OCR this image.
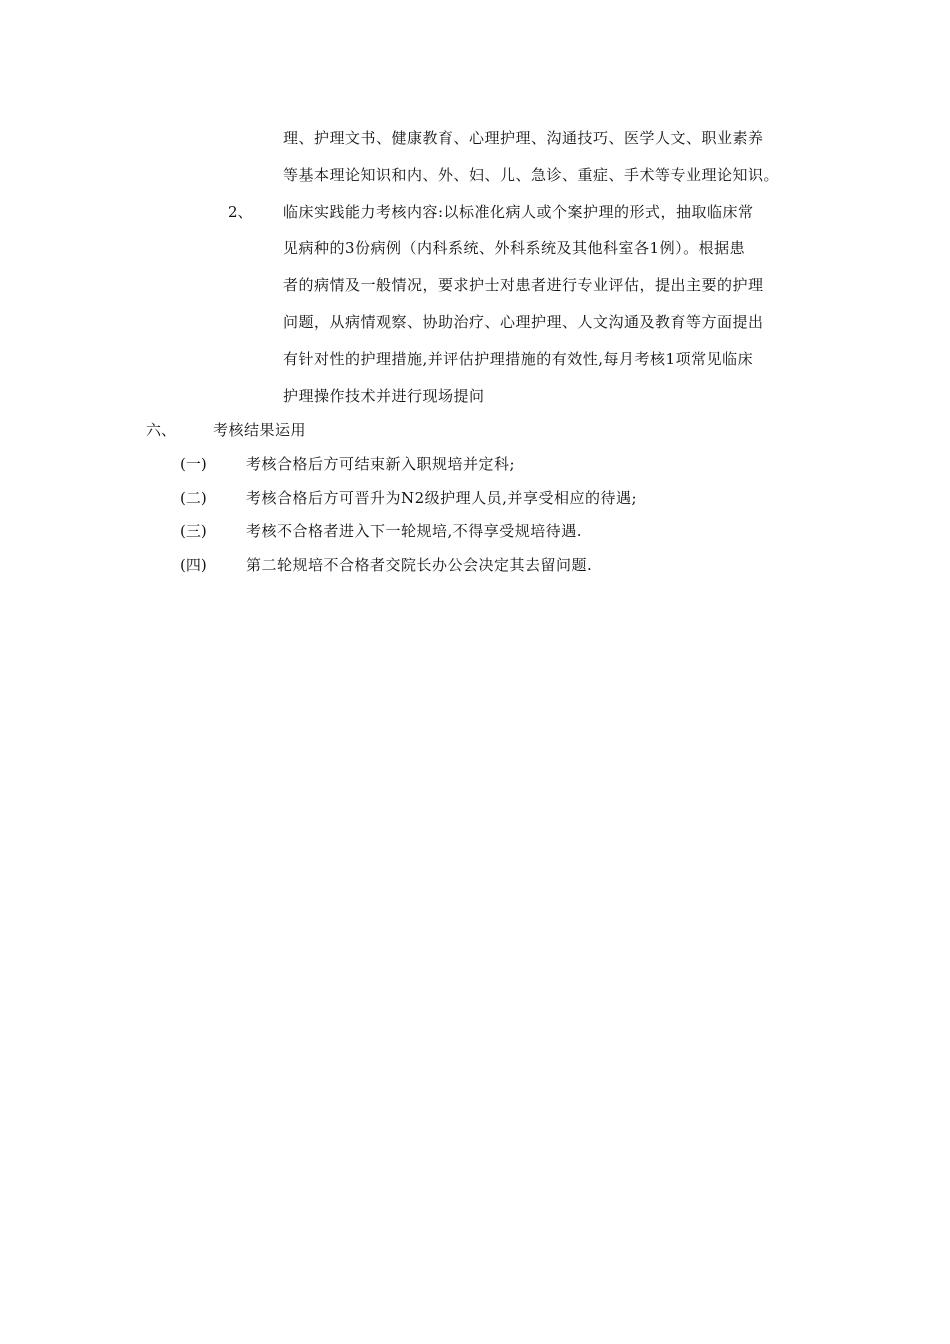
理、护理文书、健康教育、心理护理、沟通技巧、医学人文、职业素养
等基本理论知识和内、外、妇、儿、急诊、重症、手术等专业理论知识。
2、 临床实践能力考核内容:以标准化病人或个案护理的形式，抽取临床常
见病种的3份病例（内科系统、外科系统及其他科室各1例）。根据患
者的病情及一般情况，要求护士对患者进行专业评估，提出主要的护理
问题，从病情观察、协助治疗、心理护理、人文沟通及教育等方面提出
有针对性的护理措施,并评估护理措施的有效性,每月考核1项常见临床
护理操作技术并进行现场提问
六、 考核结果运用
(一)	考核合格后方可结束新入职规培并定科;
(二)	考核合格后方可晋升为N2级护理人员,并享受相应的待遇;
(三)	考核不合格者进入下一轮规培,不得享受规培待遇.
(四)	第二轮规培不合格者交院长办公会决定其去留问题.
